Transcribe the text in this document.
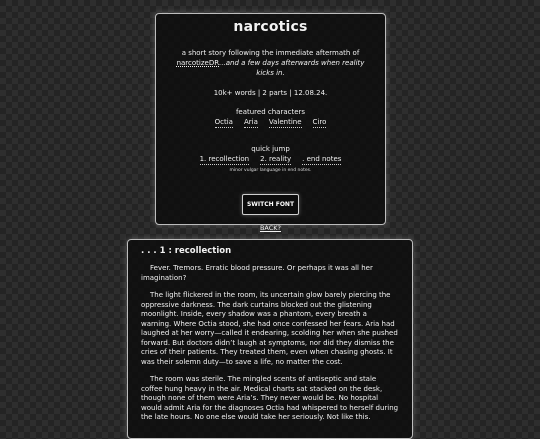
narcotics
a short story following the immediate aftermath of
narcotizeDR...and a few days afterwards when reality kicks in.
10k+ words | 2 parts | 12.08.24.
featured characters
Octia Aria Valentine Ciro
quick jump
1. recollection 2. reality . end notes
minor vulgar language in end notes.
SWITCH FONT
BACK?
. . . 1 : recollection

Fever. Tremors. Erratic blood pressure. Or perhaps it was all her imagination?

The light flickered in the room, its uncertain glow barely piercing the oppressive darkness. The dark curtains blocked out the glistening moonlight. Inside, every shadow was a phantom, every breath a warning. Where Octia stood, she had once confessed her fears. Aria had laughed at her worry—called it endearing, scolding her when she pushed forward. But doctors didn’t laugh at symptoms, nor did they dismiss the cries of their patients. They treated them, even when chasing ghosts. It was their solemn duty—to save a life, no matter the cost.

The room was sterile. The mingled scents of antiseptic and stale coffee hung heavy in the air. Medical charts sat stacked on the desk, though none of them were Aria’s. They never would be. No hospital would admit Aria for the diagnoses Octia had whispered to herself during the late hours. No one else would take her seriously. Not like this.
